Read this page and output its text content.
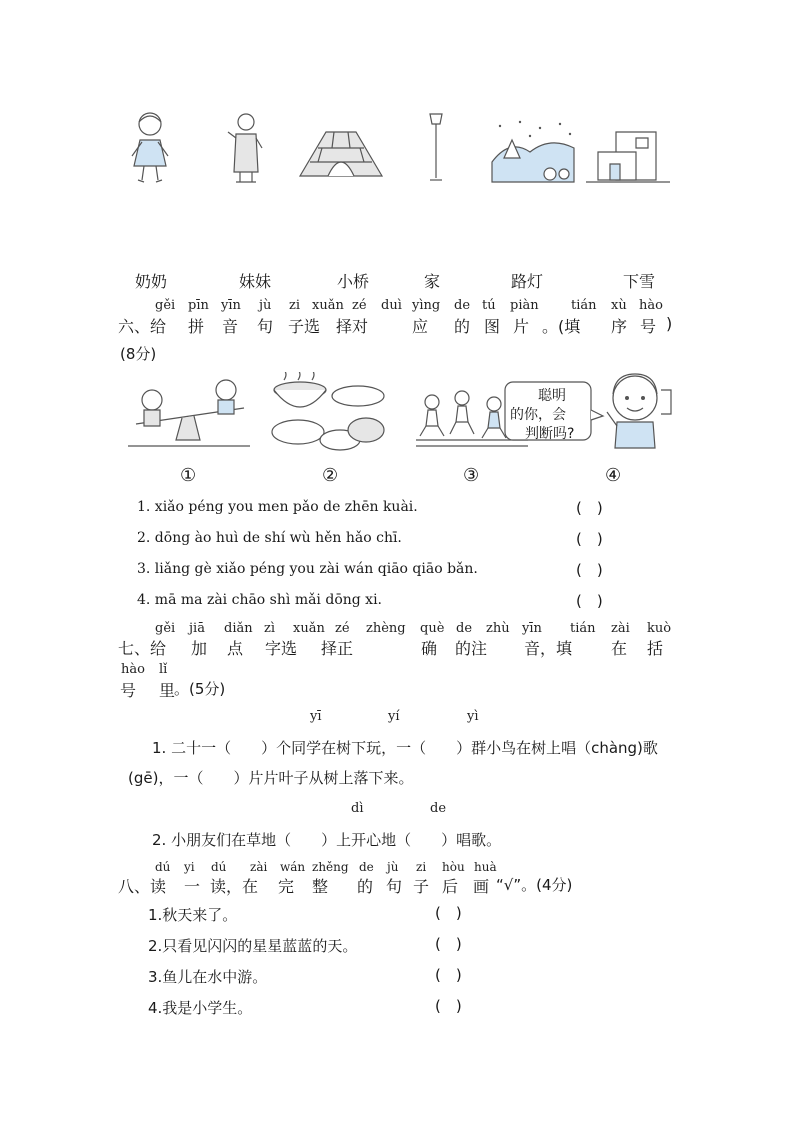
奶奶	妹妹	小桥	家	路灯	下雪
gěi pīn yīn jù zi xuǎn zé duì yìng de tú piàn tián xù hào
六、给 拼 音 句 子选 择对	应 的 图 片 。(填 序 号 )
(8分)
聪明
的你，会
判断吗?
①	②	③	④
1. xiǎo péng you men pǎo de zhēn kuài.
2. dōng ào huì de shí wù hěn hǎo chī.
3. liǎng gè xiǎo péng you zài wán qiāo qiāo bǎn.
4. mā ma zài chāo shì mǎi dōng xi.
(　)
(　)
(　)
(　)
gěi jiā diǎn zì xuǎn zé zhèng què de zhù yīn tián zài kuò
七、给 加 点 字选 择正	确 的注 音 ，填 在 括
hào lǐ
号 里
。(5分)
yī	yí	yì
1. 二十一（　　）个同学在树下玩，一（　　）群小鸟在树上唱（chàng)歌
(gē)，一（　　）片片叶子从树上落下来。
dì	de
2. 小朋友们在草地（　　）上开心地（　　）唱歌。
dú yi dú zài wán zhěng de jù zi hòu huà
八、读 一 读，在 完 整 的 句 子 后 画 “√”。(4分)
1.秋天来了。
2.只看见闪闪的星星蓝蓝的天。
3.鱼儿在水中游。
4.我是小学生。
(　)
(　)
(　)
(　)
